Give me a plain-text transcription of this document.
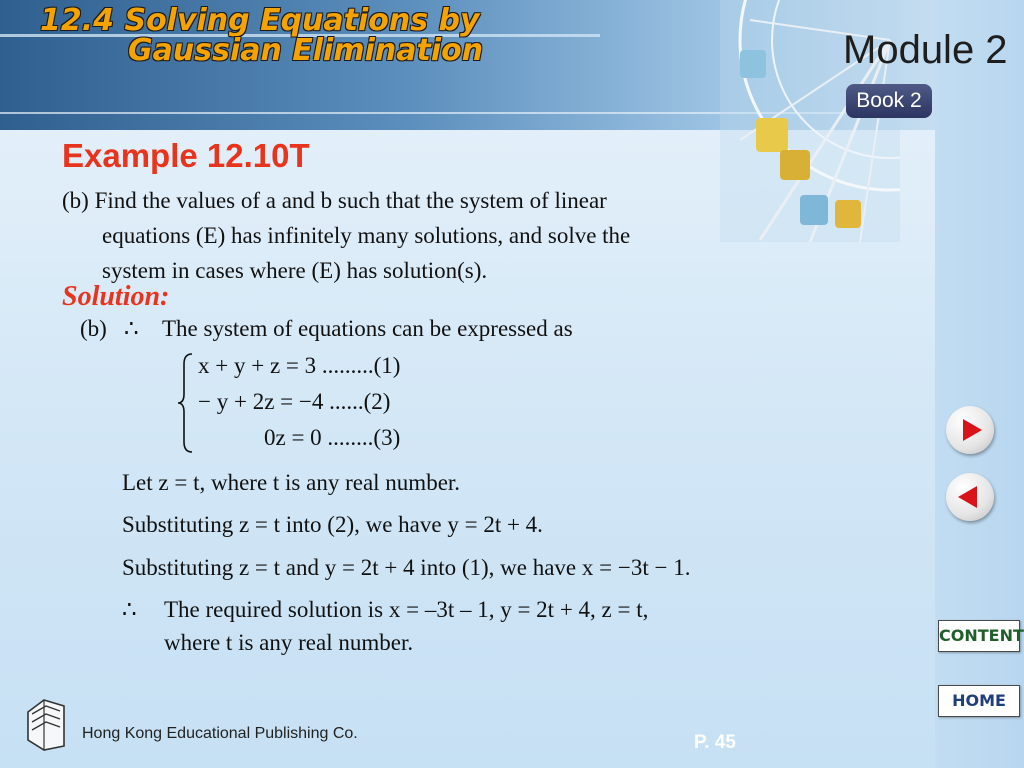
12.4 Solving Equations by
Gaussian Elimination	Module 2
Book 2
Example 12.10T
(b) Find the values of a and b such that the system of linear
equations (E) has infinitely many solutions, and solve the
system in cases where (E) has solution(s).
Solution:
(b) ∴ The system of equations can be expressed as
x + y + z = 3 .........(1)
− y + 2z = −4 ......(2)
0z = 0 ........(3)
Let z = t, where t is any real number.
Substituting z = t into (2), we have y = 2t + 4.
Substituting z = t and y = 2t + 4 into (1), we have x = −3t − 1.
∴ The required solution is x = –3t – 1, y = 2t + 4, z = t,
where t is any real number.	CONTENT
HOME
Hong Kong Educational Publishing Co.	P. 45
